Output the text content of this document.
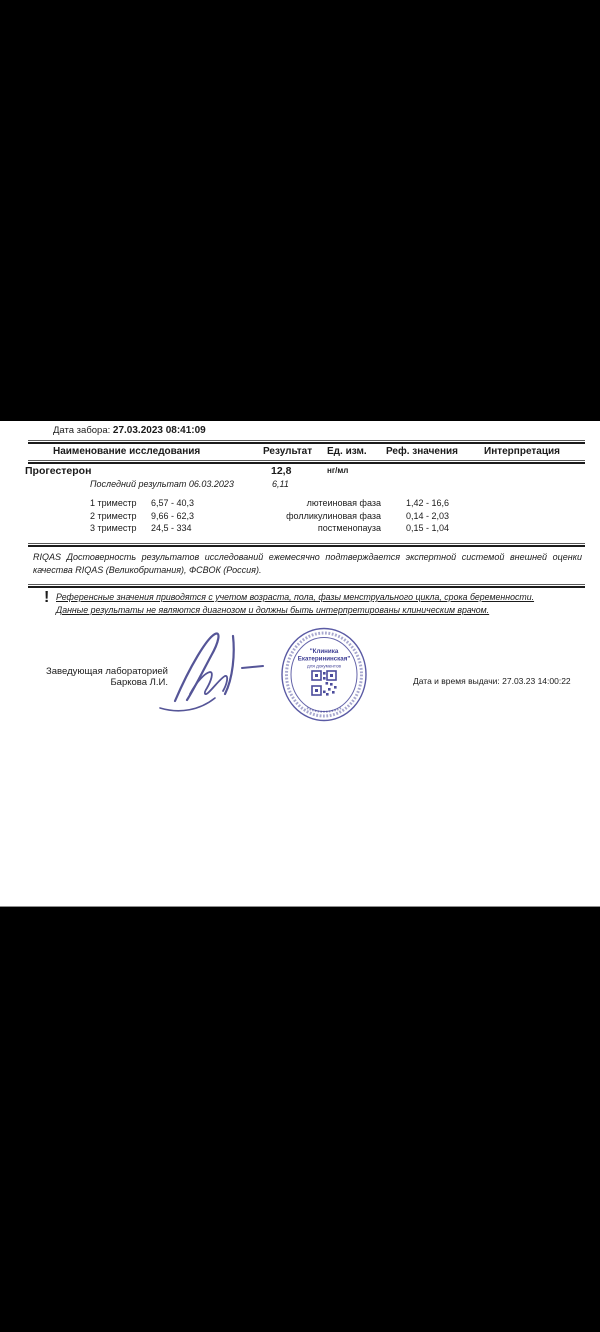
Дата забора: 27.03.2023 08:41:09
Наименование исследования	Результат Ед. изм. Реф. значения	Интерпретация
Прогестерон	12,8	нг/мл
Последний результат 06.03.2023	6,11
1 триместр 6,57 - 40,3	лютеиновая фаза	1,42 - 16,6
2 триместр 9,66 - 62,3	фолликулиновая фаза	0,14 - 2,03
3 триместр 24,5 - 334	постменопауза	0,15 - 1,04
RIQAS Достоверность результатов исследований ежемесячно подтверждается экспертной системой внешней оценки качества RIQAS (Великобритания), ФСВОК (Россия).
! Референсные значения приводятся с учетом возраста, пола, фазы менструального цикла, срока беременности.
Данные результаты не являются диагнозом и должны быть интерпретированы клиническим врачом.
Заведующая лабораторией
Баркова Л.И.
"Клиника
Екатерининская"
для документов
Дата и время выдачи: 27.03.23 14:00:22
